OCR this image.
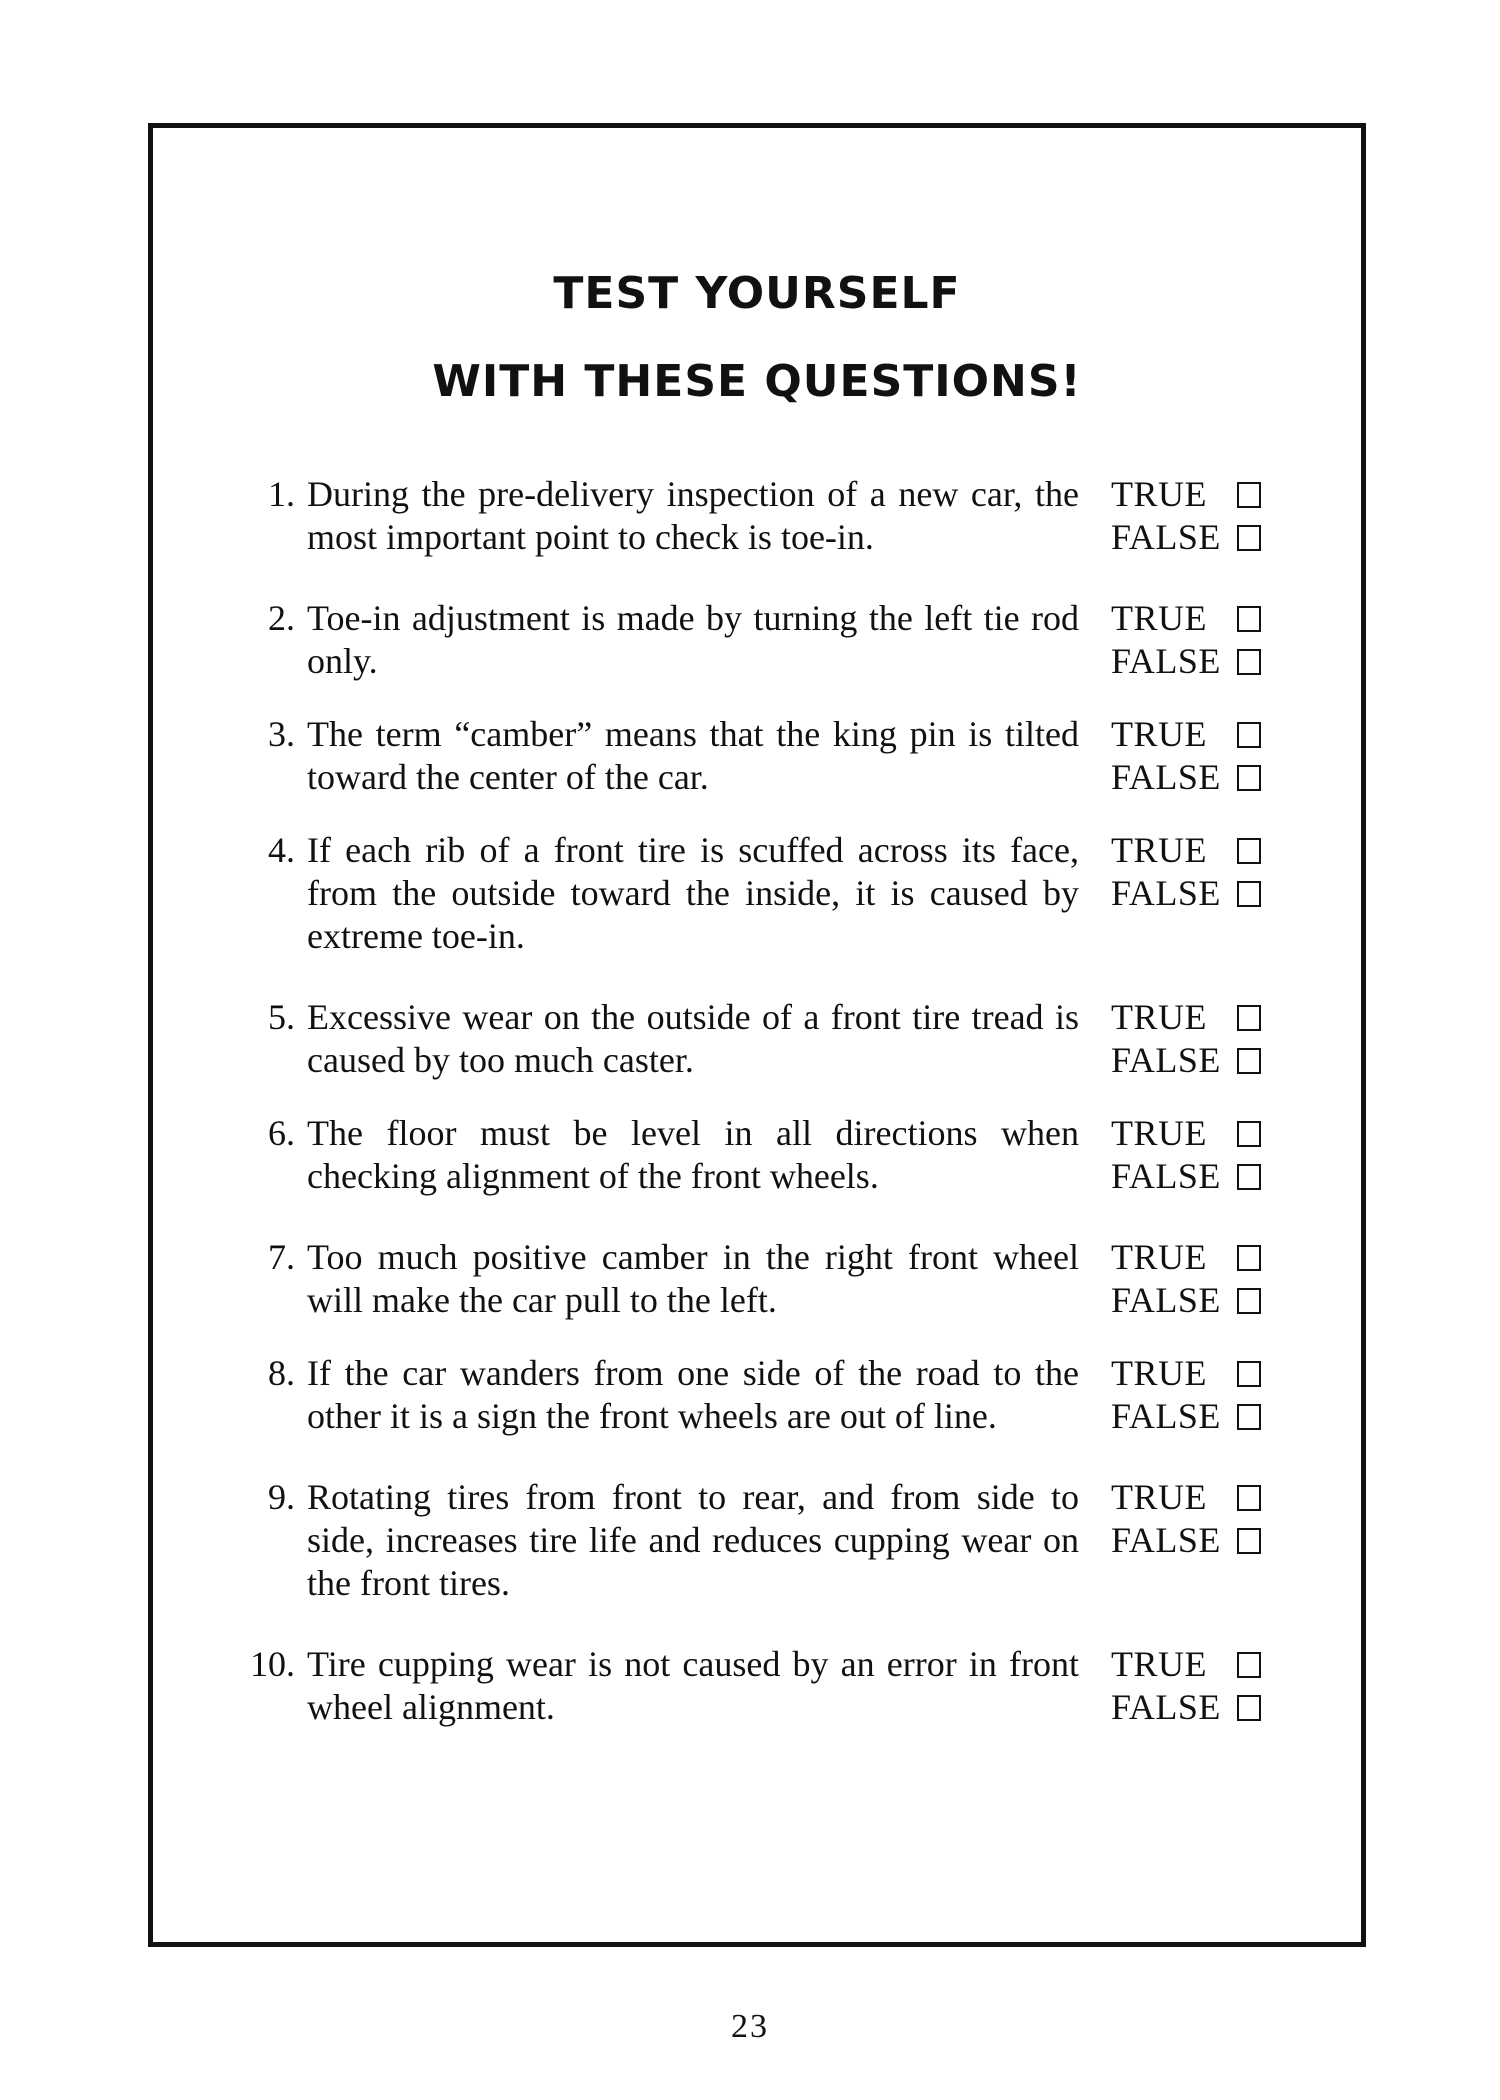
TEST YOURSELF
WITH THESE QUESTIONS!
1. During the pre-delivery inspection of a new car, the most important point to check is toe-in.
TRUE
FALSE
2. Toe-in adjustment is made by turning the left tie rod only.
TRUE
FALSE
3. The term “camber” means that the king pin is tilted toward the center of the car.
TRUE
FALSE
4. If each rib of a front tire is scuffed across its face, from the outside toward the inside, it is caused by extreme toe-in.
TRUE
FALSE
5. Excessive wear on the outside of a front tire tread is caused by too much caster.
TRUE
FALSE
6. The floor must be level in all directions when checking alignment of the front wheels.
TRUE
FALSE
7. Too much positive camber in the right front wheel will make the car pull to the left.
TRUE
FALSE
8. If the car wanders from one side of the road to the other it is a sign the front wheels are out of line.
TRUE
FALSE
9. Rotating tires from front to rear, and from side to side, increases tire life and reduces cupping wear on the front tires.
TRUE
FALSE
10. Tire cupping wear is not caused by an error in front wheel alignment.
TRUE
FALSE
23
